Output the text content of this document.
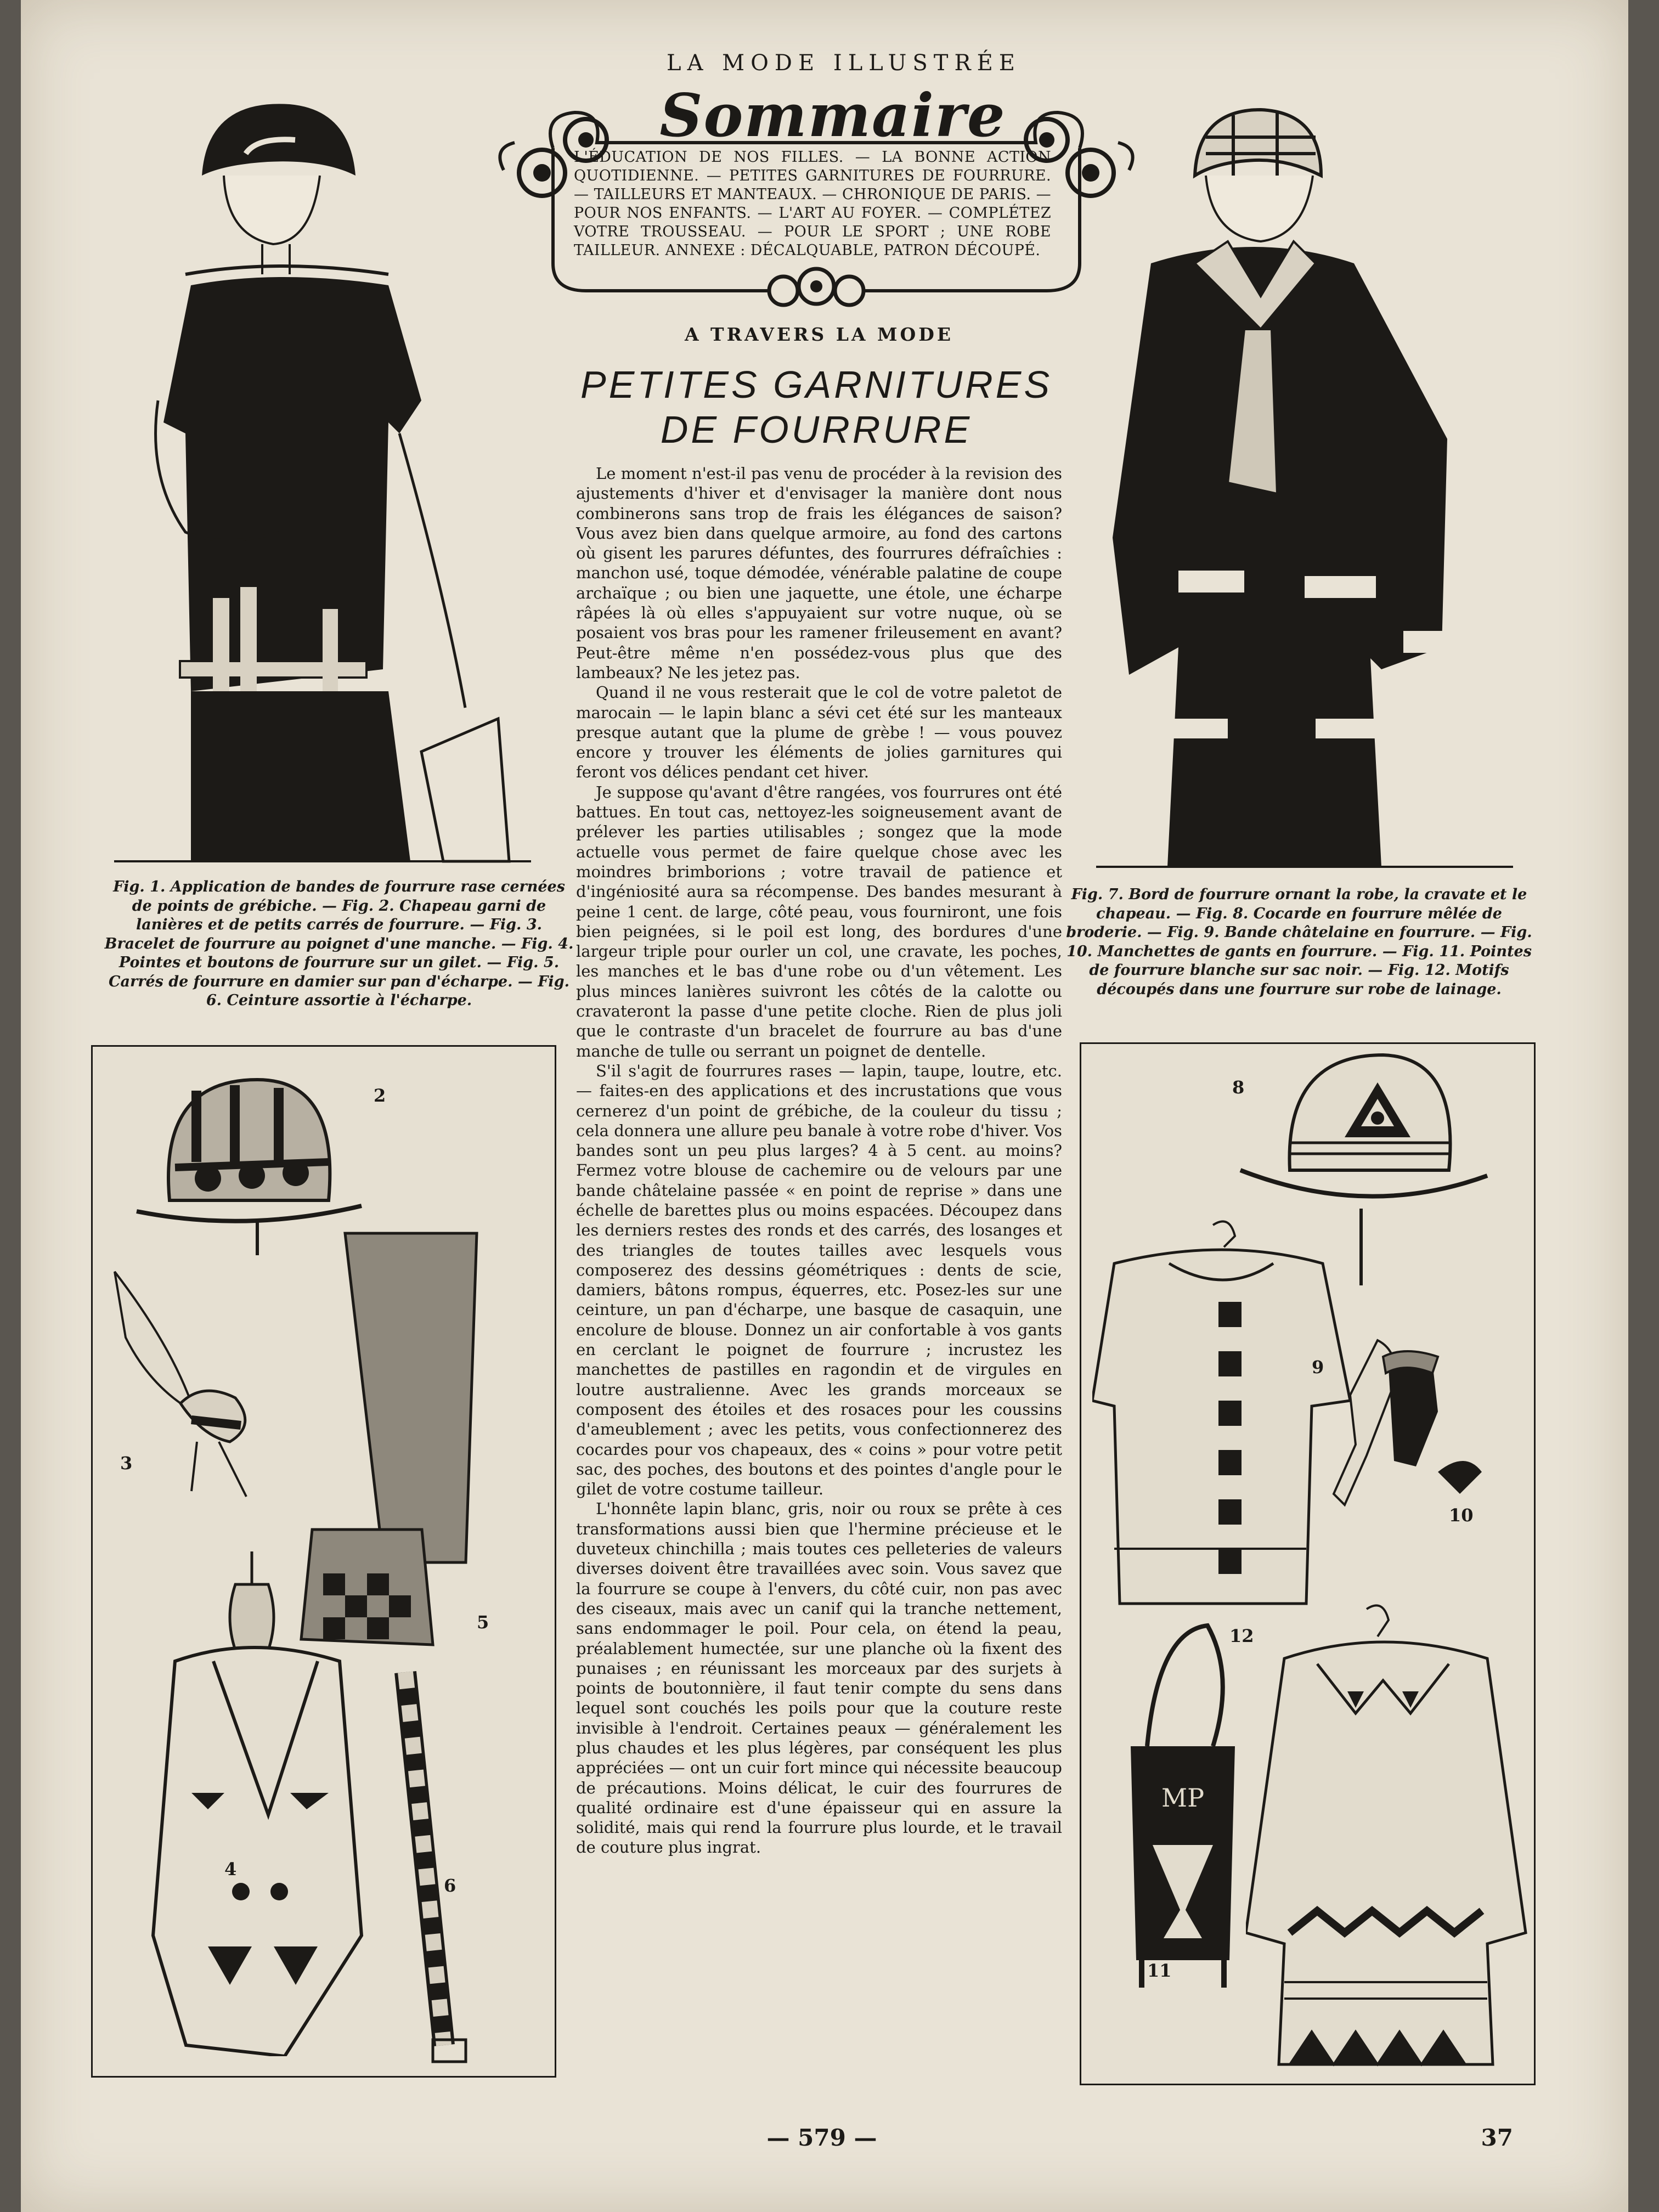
LA MODE ILLUSTRÉE
Sommaire
L'ÉDUCATION DE NOS FILLES. — LA BONNE ACTION QUOTIDIENNE. — PETITES GARNITURES DE FOURRURE. — TAILLEURS ET MANTEAUX. — CHRONIQUE DE PARIS. — POUR NOS ENFANTS. — L'ART AU FOYER. — COMPLÉTEZ VOTRE TROUSSEAU. — POUR LE SPORT ; UNE ROBE TAILLEUR. ANNEXE : DÉCALQUABLE, PATRON DÉCOUPÉ.
A TRAVERS LA MODE
PETITES GARNITURES
DE FOURRURE

Le moment n'est-il pas venu de procéder à la revision des ajustements d'hiver et d'envisager la manière dont nous combinerons sans trop de frais les élégances de saison? Vous avez bien dans quelque armoire, au fond des cartons où gisent les parures défuntes, des fourrures défraîchies : manchon usé, toque démodée, vénérable palatine de coupe archaïque ; ou bien une jaquette, une étole, une écharpe râpées là où elles s'appuyaient sur votre nuque, où se posaient vos bras pour les ramener frileusement en avant? Peut-être même n'en possédez-vous plus que des lambeaux? Ne les jetez pas.

Quand il ne vous resterait que le col de votre paletot de marocain — le lapin blanc a sévi cet été sur les manteaux presque autant que la plume de grèbe ! — vous pouvez encore y trouver les éléments de jolies garnitures qui feront vos délices pendant cet hiver.

Je suppose qu'avant d'être rangées, vos fourrures ont été battues. En tout cas, nettoyez-les soigneusement avant de prélever les parties utilisables ; songez que la mode actuelle vous permet de faire quelque chose avec les moindres brimborions ; votre travail de patience et d'ingéniosité aura sa récompense. Des bandes mesurant à peine 1 cent. de large, côté peau, vous fourniront, une fois bien peignées, si le poil est long, des bordures d'une largeur triple pour ourler un col, une cravate, les poches, les manches et le bas d'une robe ou d'un vêtement. Les plus minces lanières suivront les côtés de la calotte ou cravateront la passe d'une petite cloche. Rien de plus joli que le contraste d'un bracelet de fourrure au bas d'une manche de tulle ou serrant un poignet de dentelle.

S'il s'agit de fourrures rases — lapin, taupe, loutre, etc. — faites-en des applications et des incrustations que vous cernerez d'un point de grébiche, de la couleur du tissu ; cela donnera une allure peu banale à votre robe d'hiver. Vos bandes sont un peu plus larges? 4 à 5 cent. au moins? Fermez votre blouse de cachemire ou de velours par une bande châtelaine passée « en point de reprise » dans une échelle de barettes plus ou moins espacées. Découpez dans les derniers restes des ronds et des carrés, des losanges et des triangles de toutes tailles avec lesquels vous composerez des dessins géométriques : dents de scie, damiers, bâtons rompus, équerres, etc. Posez-les sur une ceinture, un pan d'écharpe, une basque de casaquin, une encolure de blouse. Donnez un air confortable à vos gants en cerclant le poignet de fourrure ; incrustez les manchettes de pastilles en ragondin et de virgules en loutre australienne. Avec les grands morceaux se composent des étoiles et des rosaces pour les coussins d'ameublement ; avec les petits, vous confectionnerez des cocardes pour vos chapeaux, des « coins » pour votre petit sac, des poches, des boutons et des pointes d'angle pour le gilet de votre costume tailleur.

L'honnête lapin blanc, gris, noir ou roux se prête à ces transformations aussi bien que l'hermine précieuse et le duveteux chinchilla ; mais toutes ces pelleteries de valeurs diverses doivent être travaillées avec soin. Vous savez que la fourrure se coupe à l'envers, du côté cuir, non pas avec des ciseaux, mais avec un canif qui la tranche nettement, sans endommager le poil. Pour cela, on étend la peau, préalablement humectée, sur une planche où la fixent des punaises ; en réunissant les morceaux par des surjets à points de boutonnière, il faut tenir compte du sens dans lequel sont couchés les poils pour que la couture reste invisible à l'endroit. Certaines peaux — généralement les plus chaudes et les plus légères, par conséquent les plus appréciées — ont un cuir fort mince qui nécessite beaucoup de précautions. Moins délicat, le cuir des fourrures de qualité ordinaire est d'une épaisseur qui en assure la solidité, mais qui rend la fourrure plus lourde, et le travail de couture plus ingrat.

Fig. 1. Application de bandes de fourrure rase cernées de points de grébiche. — Fig. 2. Chapeau garni de lanières et de petits carrés de fourrure. — Fig. 3. Bracelet de fourrure au poignet d'une manche. — Fig. 4. Pointes et boutons de fourrure sur un gilet. — Fig. 5. Carrés de fourrure en damier sur pan d'écharpe. — Fig. 6. Ceinture assortie à l'écharpe.
Fig. 7. Bord de fourrure ornant la robe, la cravate et le chapeau. — Fig. 8. Cocarde en fourrure mêlée de broderie. — Fig. 9. Bande châtelaine en fourrure. — Fig. 10. Manchettes de gants en fourrure. — Fig. 11. Pointes de fourrure blanche sur sac noir. — Fig. 12. Motifs découpés dans une fourrure sur robe de lainage.
2
3
5
4
6
8
9
10
12
MP
11
— 579 —	37
